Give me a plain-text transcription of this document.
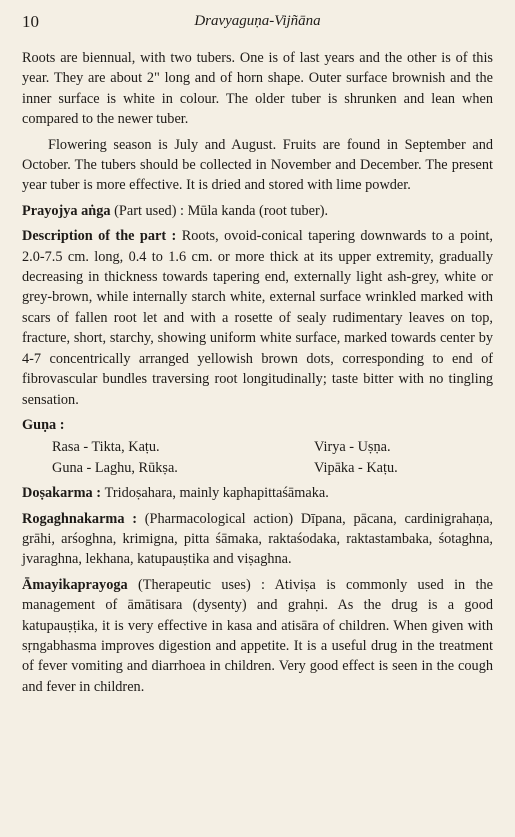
10	Dravyaguṇa-Vijñāna

Roots are biennual, with two tubers. One is of last years and the other is of this year. They are about 2" long and of horn shape. Outer surface brownish and the inner surface is white in colour. The older tuber is shrunken and lean when compared to the newer tuber.

Flowering season is July and August. Fruits are found in September and October. The tubers should be collected in November and December. The present year tuber is more effective. It is dried and stored with lime powder.

Prayojya aṅga (Part used) : Mūla kanda (root tuber).

Description of the part : Roots, ovoid-conical tapering downwards to a point, 2.0-7.5 cm. long, 0.4 to 1.6 cm. or more thick at its upper extremity, gradually decreasing in thickness towards tapering end, externally light ash-grey, white or grey-brown, while internally starch white, external surface wrinkled marked with scars of fallen root let and with a rosette of sealy rudimentary leaves on top, fracture, short, starchy, showing uniform white surface, marked towards center by 4-7 concentrically arranged yellowish brown dots, corresponding to end of fibrovascular bundles traversing root longitudinally; taste bitter with no tingling sensation.

Guṇa :

Rasa - Tikta, Kaṭu.	Virya - Uṣṇa.
Guna - Laghu, Rūkṣa.	Vipāka - Kaṭu.

Doṣakarma : Tridoṣahara, mainly kaphapittaśāmaka.

Rogaghnakarma : (Pharmacological action) Dīpana, pācana, cardinigrahaṇa, grāhi, arśoghna, krimigna, pitta śāmaka, raktaśodaka, raktastambaka, śotaghna, jvaraghna, lekhana, katupauṣtika and viṣaghna.

Āmayikaprayoga (Therapeutic uses) : Ativiṣa is commonly used in the management of āmātisara (dysenty) and grahṇi. As the drug is a good katupauṣṭika, it is very effective in kasa and atisāra of children. When given with sṛngabhasma improves digestion and appetite. It is a useful drug in the treatment of fever vomiting and diarrhoea in children. Very good effect is seen in the cough and fever in children.
